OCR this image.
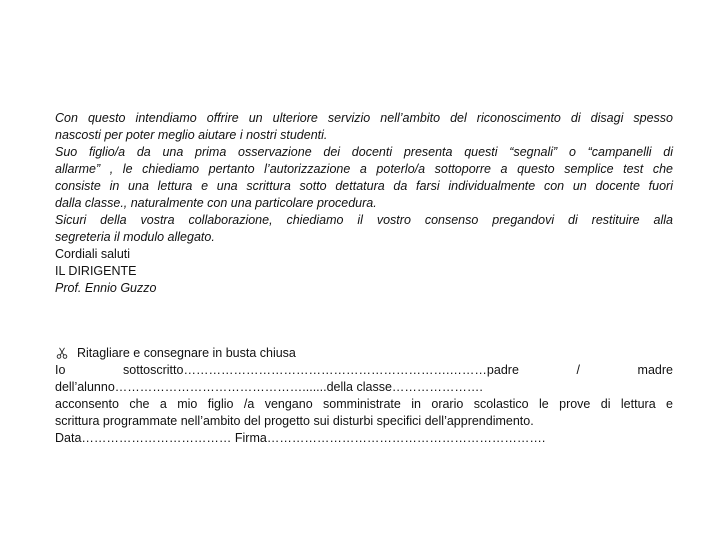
Con questo intendiamo offrire un ulteriore servizio nell’ambito del riconoscimento di disagi spesso
nascosti per poter meglio aiutare i nostri studenti.
Suo figlio/a da una prima osservazione dei docenti presenta questi “segnali” o “campanelli di
allarme” , le chiediamo pertanto l’autorizzazione a poterlo/a sottoporre a questo semplice test che
consiste in una lettura e una scrittura sotto dettatura da farsi individualmente con un docente fuori
dalla classe., naturalmente con una particolare procedura.
Sicuri della vostra collaborazione, chiediamo il vostro consenso pregandovi di restituire alla
segreteria il modulo allegato.
Cordiali saluti
IL DIRIGENTE
Prof. Ennio Guzzo
Ritagliare e consegnare in busta chiusa
Io sottoscritto……………………………………………………….………padre / madre
dell’alunno……………………………………….......della classe………………….
acconsento che a mio figlio /a vengano somministrate in orario scolastico le prove di lettura e
scrittura programmate nell’ambito del progetto sui disturbi specifici dell’apprendimento.
Data……………………………… Firma………………………………………………………….
